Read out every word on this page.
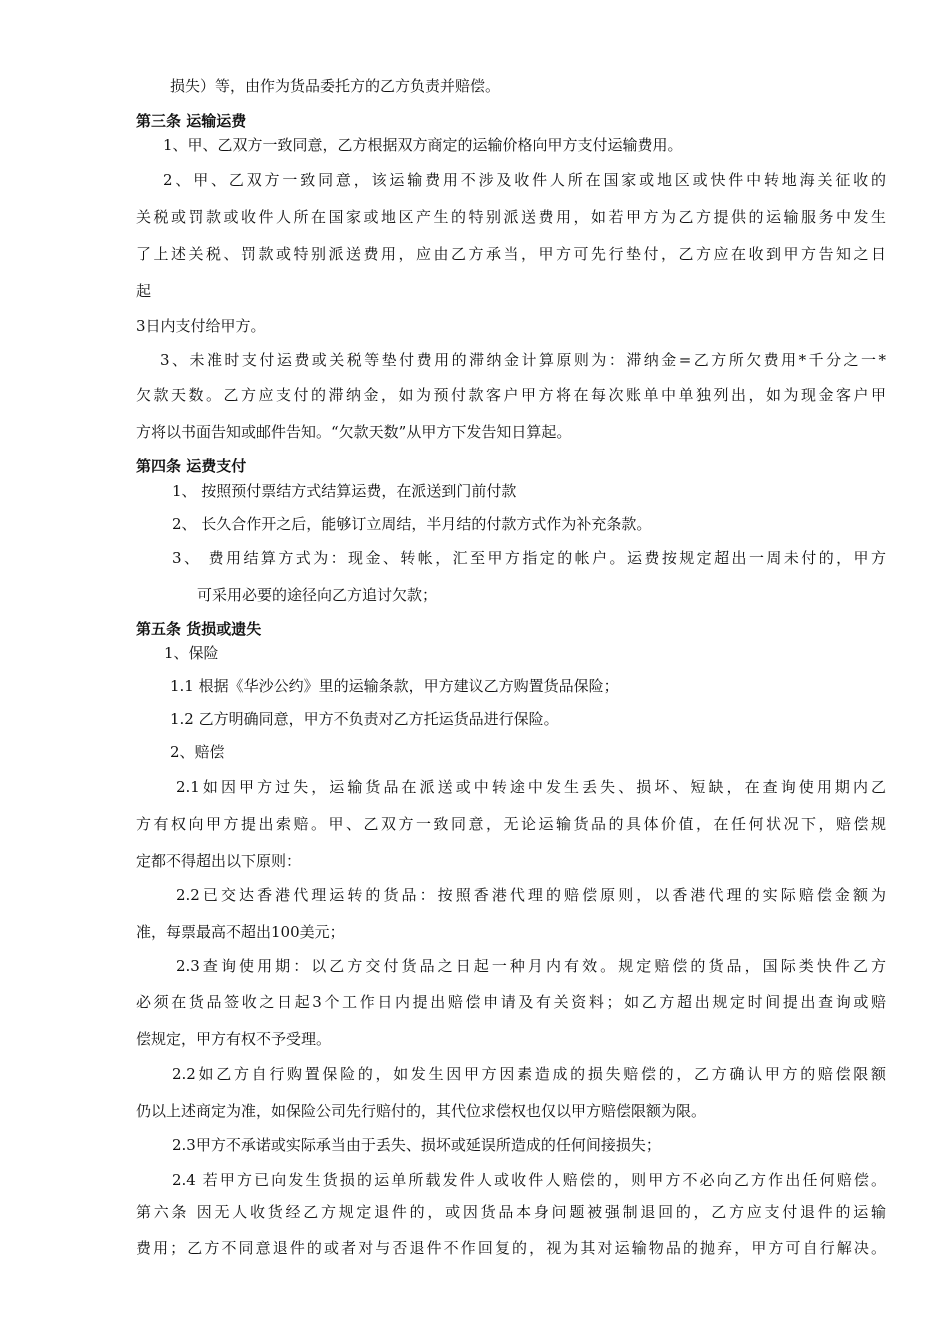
损失）等，由作为货品委托方的乙方负责并赔偿。
第三条 运输运费
1、甲、乙双方一致同意，乙方根据双方商定的运输价格向甲方支付运输费用。
2、甲、乙双方一致同意，该运输费用不涉及收件人所在国家或地区或快件中转地海关征收的
关税或罚款或收件人所在国家或地区产生的特别派送费用，如若甲方为乙方提供的运输服务中发生
了上述关税、罚款或特别派送费用，应由乙方承当，甲方可先行垫付，乙方应在收到甲方告知之日
起
3日内支付给甲方。
3、未准时支付运费或关税等垫付费用的滞纳金计算原则为：滞纳金=乙方所欠费用*千分之一*
欠款天数。乙方应支付的滞纳金，如为预付款客户甲方将在每次账单中单独列出，如为现金客户甲
方将以书面告知或邮件告知。“欠款天数”从甲方下发告知日算起。
第四条 运费支付
1、 按照预付票结方式结算运费，在派送到门前付款
2、 长久合作开之后，能够订立周结，半月结的付款方式作为补充条款。
3、 费用结算方式为：现金、转帐，汇至甲方指定的帐户。运费按规定超出一周未付的，甲方
可采用必要的途径向乙方追讨欠款；
第五条 货损或遗失
1、保险
1.1 根据《华沙公约》里的运输条款，甲方建议乙方购置货品保险；
1.2 乙方明确同意，甲方不负责对乙方托运货品进行保险。
2、赔偿
2.1如因甲方过失，运输货品在派送或中转途中发生丢失、损坏、短缺，在查询使用期内乙
方有权向甲方提出索赔。甲、乙双方一致同意，无论运输货品的具体价值，在任何状况下，赔偿规
定都不得超出以下原则：
2.2已交达香港代理运转的货品：按照香港代理的赔偿原则，以香港代理的实际赔偿金额为
准，每票最高不超出100美元；
2.3查询使用期：以乙方交付货品之日起一种月内有效。规定赔偿的货品，国际类快件乙方
必须在货品签收之日起3个工作日内提出赔偿申请及有关资料；如乙方超出规定时间提出查询或赔
偿规定，甲方有权不予受理。
2.2如乙方自行购置保险的，如发生因甲方因素造成的损失赔偿的，乙方确认甲方的赔偿限额
仍以上述商定为准，如保险公司先行赔付的，其代位求偿权也仅以甲方赔偿限额为限。
2.3甲方不承诺或实际承当由于丢失、损坏或延误所造成的任何间接损失；
2.4 若甲方已向发生货损的运单所载发件人或收件人赔偿的，则甲方不必向乙方作出任何赔偿。
第六条 因无人收货经乙方规定退件的，或因货品本身问题被强制退回的，乙方应支付退件的运输
费用；乙方不同意退件的或者对与否退件不作回复的，视为其对运输物品的抛弃，甲方可自行解决。
